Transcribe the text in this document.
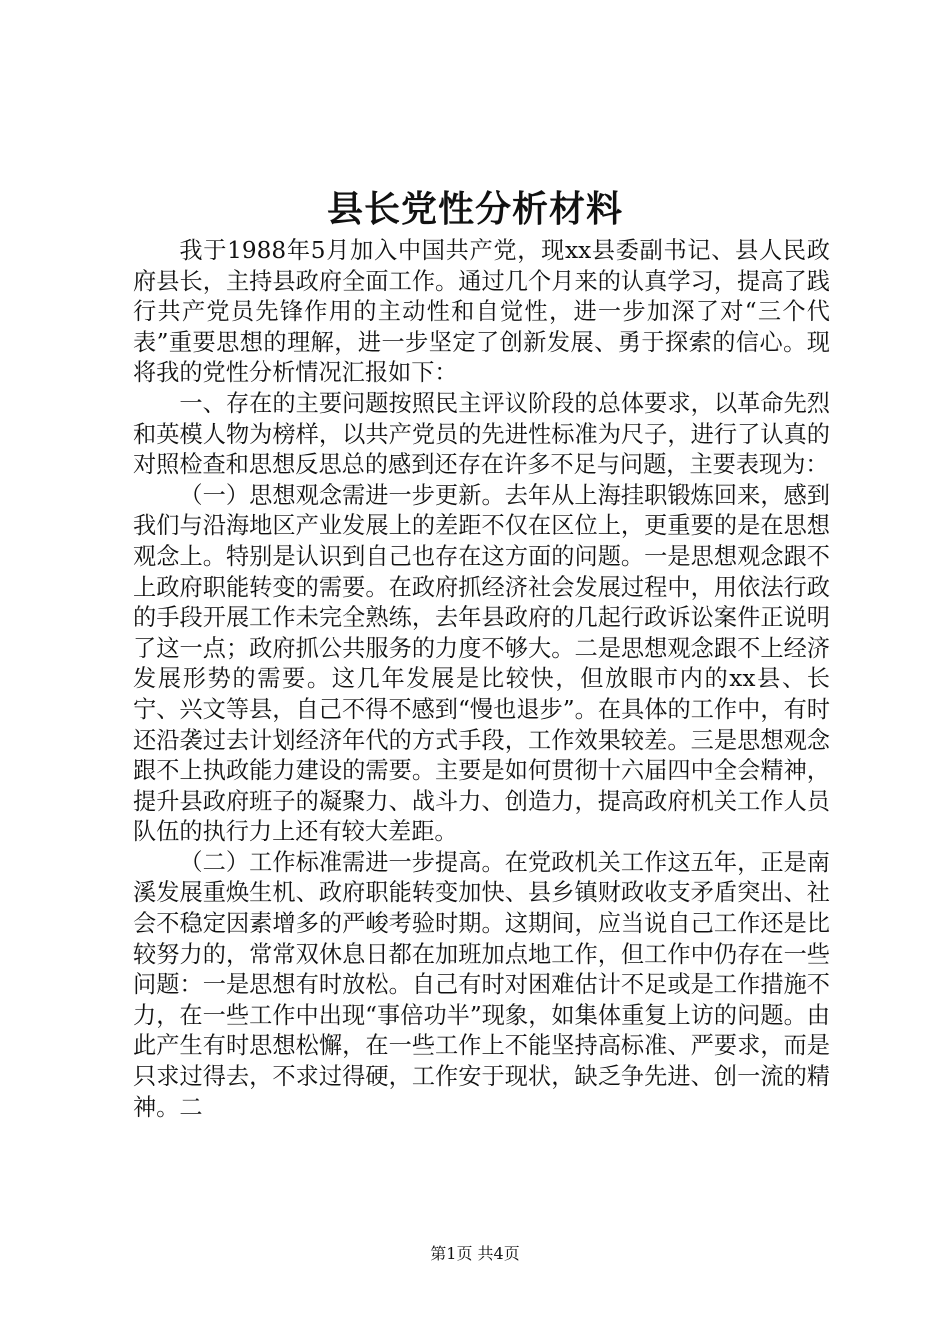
县长党性分析材料

我于1988年5月加入中国共产党，现xx县委副书记、县人民政府县长，主持县政府全面工作。通过几个月来的认真学习，提高了践行共产党员先锋作用的主动性和自觉性，进一步加深了对“三个代表”重要思想的理解，进一步坚定了创新发展、勇于探索的信心。现将我的党性分析情况汇报如下：

一、存在的主要问题按照民主评议阶段的总体要求，以革命先烈和英模人物为榜样，以共产党员的先进性标准为尺子，进行了认真的对照检查和思想反思总的感到还存在许多不足与问题，主要表现为：

（一）思想观念需进一步更新。去年从上海挂职锻炼回来，感到我们与沿海地区产业发展上的差距不仅在区位上，更重要的是在思想观念上。特别是认识到自己也存在这方面的问题。一是思想观念跟不上政府职能转变的需要。在政府抓经济社会发展过程中，用依法行政的手段开展工作未完全熟练，去年县政府的几起行政诉讼案件正说明了这一点；政府抓公共服务的力度不够大。二是思想观念跟不上经济发展形势的需要。这几年发展是比较快，但放眼市内的xx县、长宁、兴文等县，自己不得不感到“慢也退步”。在具体的工作中，有时还沿袭过去计划经济年代的方式手段，工作效果较差。三是思想观念跟不上执政能力建设的需要。主要是如何贯彻十六届四中全会精神，提升县政府班子的凝聚力、战斗力、创造力，提高政府机关工作人员队伍的执行力上还有较大差距。

（二）工作标准需进一步提高。在党政机关工作这五年，正是南溪发展重焕生机、政府职能转变加快、县乡镇财政收支矛盾突出、社会不稳定因素增多的严峻考验时期。这期间，应当说自己工作还是比较努力的，常常双休息日都在加班加点地工作，但工作中仍存在一些问题：一是思想有时放松。自己有时对困难估计不足或是工作措施不力，在一些工作中出现“事倍功半”现象，如集体重复上访的问题。由此产生有时思想松懈，在一些工作上不能坚持高标准、严要求，而是只求过得去，不求过得硬，工作安于现状，缺乏争先进、创一流的精神。二

第1页 共4页
